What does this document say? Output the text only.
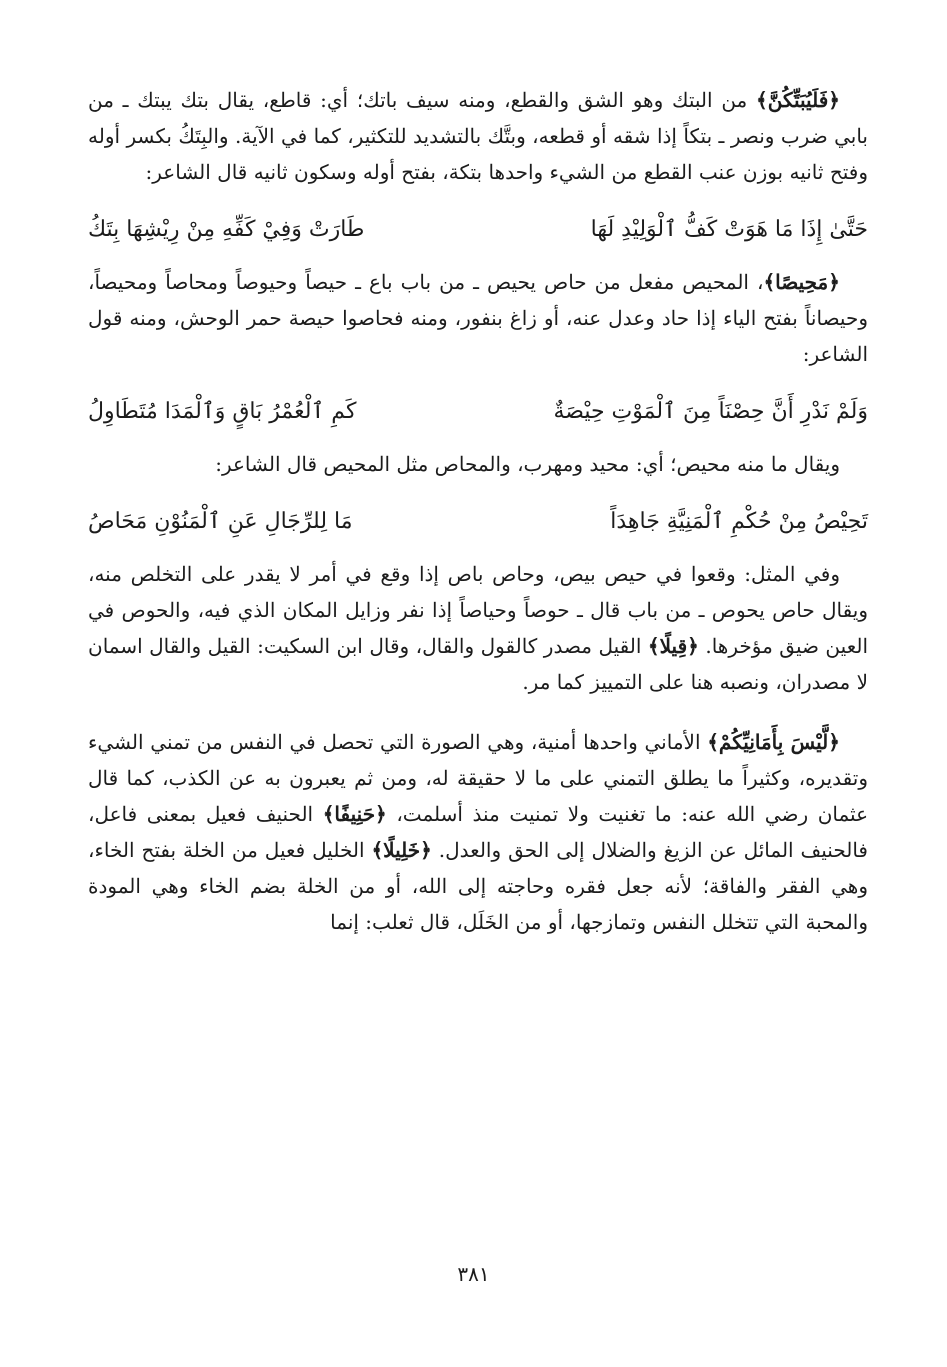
﴿فَلَيُبَتِّكُنَّ﴾ من البتك وهو الشق والقطع، ومنه سيف باتك؛ أي: قاطع، يقال بتك يبتك ـ من بابي ضرب ونصر ـ بتكاً إذا شقه أو قطعه، وبتَّك بالتشديد للتكثير، كما في الآية. والبِتَكُ بكسر أوله وفتح ثانيه بوزن عنب القطع من الشيء واحدها بتكة، بفتح أوله وسكون ثانيه قال الشاعر:

حَتَّىٰ إِذَا مَا هَوَتْ كَفُّ ٱلْوَلِيْدِ لَهَا
طَارَتْ وَفِيْ كَفِّهِ مِنْ رِيْشِهَا بِتَكُ

﴿مَحِيصًا﴾، المحيص مفعل من حاص يحيص ـ من باب باع ـ حيصاً وحيوصاً ومحاصاً ومحيصاً، وحيصاناً بفتح الياء إذا حاد وعدل عنه، أو زاغ بنفور، ومنه فحاصوا حيصة حمر الوحش، ومنه قول الشاعر:

وَلَمْ نَدْرِ أَنَّ حِصْنَاً مِنَ ٱلْمَوْتِ حِيْصَةٌ
كَمِ ٱلْعُمْرُ بَاقٍ وَٱلْمَدَا مُتَطَاوِلُ

ويقال ما منه محيص؛ أي: محيد ومهرب، والمحاص مثل المحيص قال الشاعر:

تَحِيْصُ مِنْ حُكْمِ ٱلْمَنِيَّةِ جَاهِدَاً
مَا لِلرِّجَالِ عَنِ ٱلْمَنُوْنِ مَحَاصُ

وفي المثل: وقعوا في حيص بيص، وحاص باص إذا وقع في أمر لا يقدر على التخلص منه، ويقال حاص يحوص ـ من باب قال ـ حوصاً وحياصاً إذا نفر وزايل المكان الذي فيه، والحوص في العين ضيق مؤخرها. ﴿قِيلًا﴾ القيل مصدر كالقول والقال، وقال ابن السكيت: القيل والقال اسمان لا مصدران، ونصبه هنا على التمييز كما مر.

﴿لَّيْسَ بِأَمَانِيِّكُمْ﴾ الأماني واحدها أمنية، وهي الصورة التي تحصل في النفس من تمني الشيء وتقديره، وكثيراً ما يطلق التمني على ما لا حقيقة له، ومن ثم يعبرون به عن الكذب، كما قال عثمان رضي الله عنه: ما تغنيت ولا تمنيت منذ أسلمت، ﴿حَنِيفًا﴾ الحنيف فعيل بمعنى فاعل، فالحنيف المائل عن الزيغ والضلال إلى الحق والعدل. ﴿خَلِيلًا﴾ الخليل فعيل من الخلة بفتح الخاء، وهي الفقر والفاقة؛ لأنه جعل فقره وحاجته إلى الله، أو من الخلة بضم الخاء وهي المودة والمحبة التي تتخلل النفس وتمازجها، أو من الخَلَل، قال ثعلب: إنما

٣٨١
